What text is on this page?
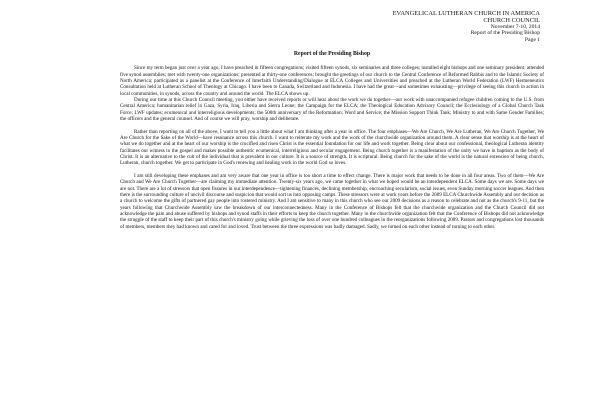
EVANGELICAL LUTHERAN CHURCH IN AMERICA
CHURCH COUNCIL
November 7-10, 2014
Report of the Presiding Bishop
Page 1
Report of the Presiding Bishop

Since my term began just over a year ago, I have preached in fifteen congregations; visited fifteen synods, six seminaries and three colleges; installed eight bishops and one seminary president; attended five synod assemblies; met with twenty-one organizations; presented at thirty-one conferences; brought the greetings of our church to the Central Conference of Reformed Rabbis and to the Islamic Society of North America; participated as a panelist at the Conference of Interfaith Understanding/Dialogue at ELCA Colleges and Universities and preached at the Lutheran World Federation (LWF) Hermeneutics Consultation held at Lutheran School of Theology at Chicago. I have been to Canada, Switzerland and Indonesia. I have had the great—and sometimes exhausting—privilege of seeing this church in action in local communities, in synods, across the country and around the world. The ELCA shows up.

During our time at this Church Council meeting, you either have received reports or will hear about the work we do together—our work with unaccompanied refugee children coming to the U.S. from Central America; humanitarian relief in Gaza, Syria, Iraq, Liberia and Sierra Leone; the Campaign for the ELCA; the Theological Education Advisory Council; the Ecclesiology of a Global Church Task Force; LWF updates; ecumenical and interreligious developments; the 500th anniversary of the Reformation; Word and Service; the Mission Support Think Tank; Ministry to and with Same Gender Families; the officers and the general counsel. And of course we will pray, worship and deliberate.

Rather than reporting on all of the above, I want to tell you a little about what I am thinking after a year in office. The four emphases—We Are Church, We Are Lutheran, We Are Church Together, We Are Church for the Sake of the World—have resonance across this church. I want to reiterate my work and the work of the churchwide organization around them. A clear sense that worship is at the heart of what we do together and at the heart of our worship is the crucified and risen Christ is the essential foundation for our life and work together. Being clear about our confessional, theological Lutheran identity facilitates our witness to the gospel and makes possible authentic ecumenical, interreligious and secular engagement. Being church together is a manifestation of the unity we have in baptism as the body of Christ. It is an alternative to the cult of the individual that is prevalent in our culture. It is a source of strength. It is scriptural. Being church for the sake of the world is the natural extension of being church, Lutheran, church together. We get to participate in God's renewing and healing work in the world God so loves.

I am still developing these emphases and am very aware that one year in office is too short a time to effect change. There is major work that needs to be done in all four areas. Two of them—We Are Church and We Are Church Together—are claiming my immediate attention. Twenty-six years ago, we came together in what we hoped would be an interdependent ELCA. Some days we are. Some days we are not. There are a lot of stressors that open fissures in our interdependence—tightening finances, declining membership, encroaching secularism, social issues, even Sunday morning soccer leagues. And then there is the surrounding culture of uncivil discourse and suspicion that would sort us into opposing camps. These stressors were at work years before the 2009 ELCA Churchwide Assembly and our decision as a church to welcome the gifts of partnered gay people into rostered ministry. And I am sensitive to many in this church who see our 2009 decisions as a reason to celebrate and not as the church's 9-11, but the years following that Churchwide Assembly saw the breakdown of our interconnectedness. Many in the Conference of Bishops felt that the churchwide organization and the Church Council did not acknowledge the pain and abuse suffered by bishops and synod staffs in their efforts to keep the church together. Many in the churchwide organization felt that the Conference of Bishops did not acknowledge the struggle of the staff to keep their part of this church's ministry going while grieving the loss of over one hundred colleagues in the reorganizations following 2009. Pastors and congregations lost thousands of members, members they had known and cared for and loved. Trust between the three expressions was badly damaged. Sadly, we turned on each other instead of turning to each other.
